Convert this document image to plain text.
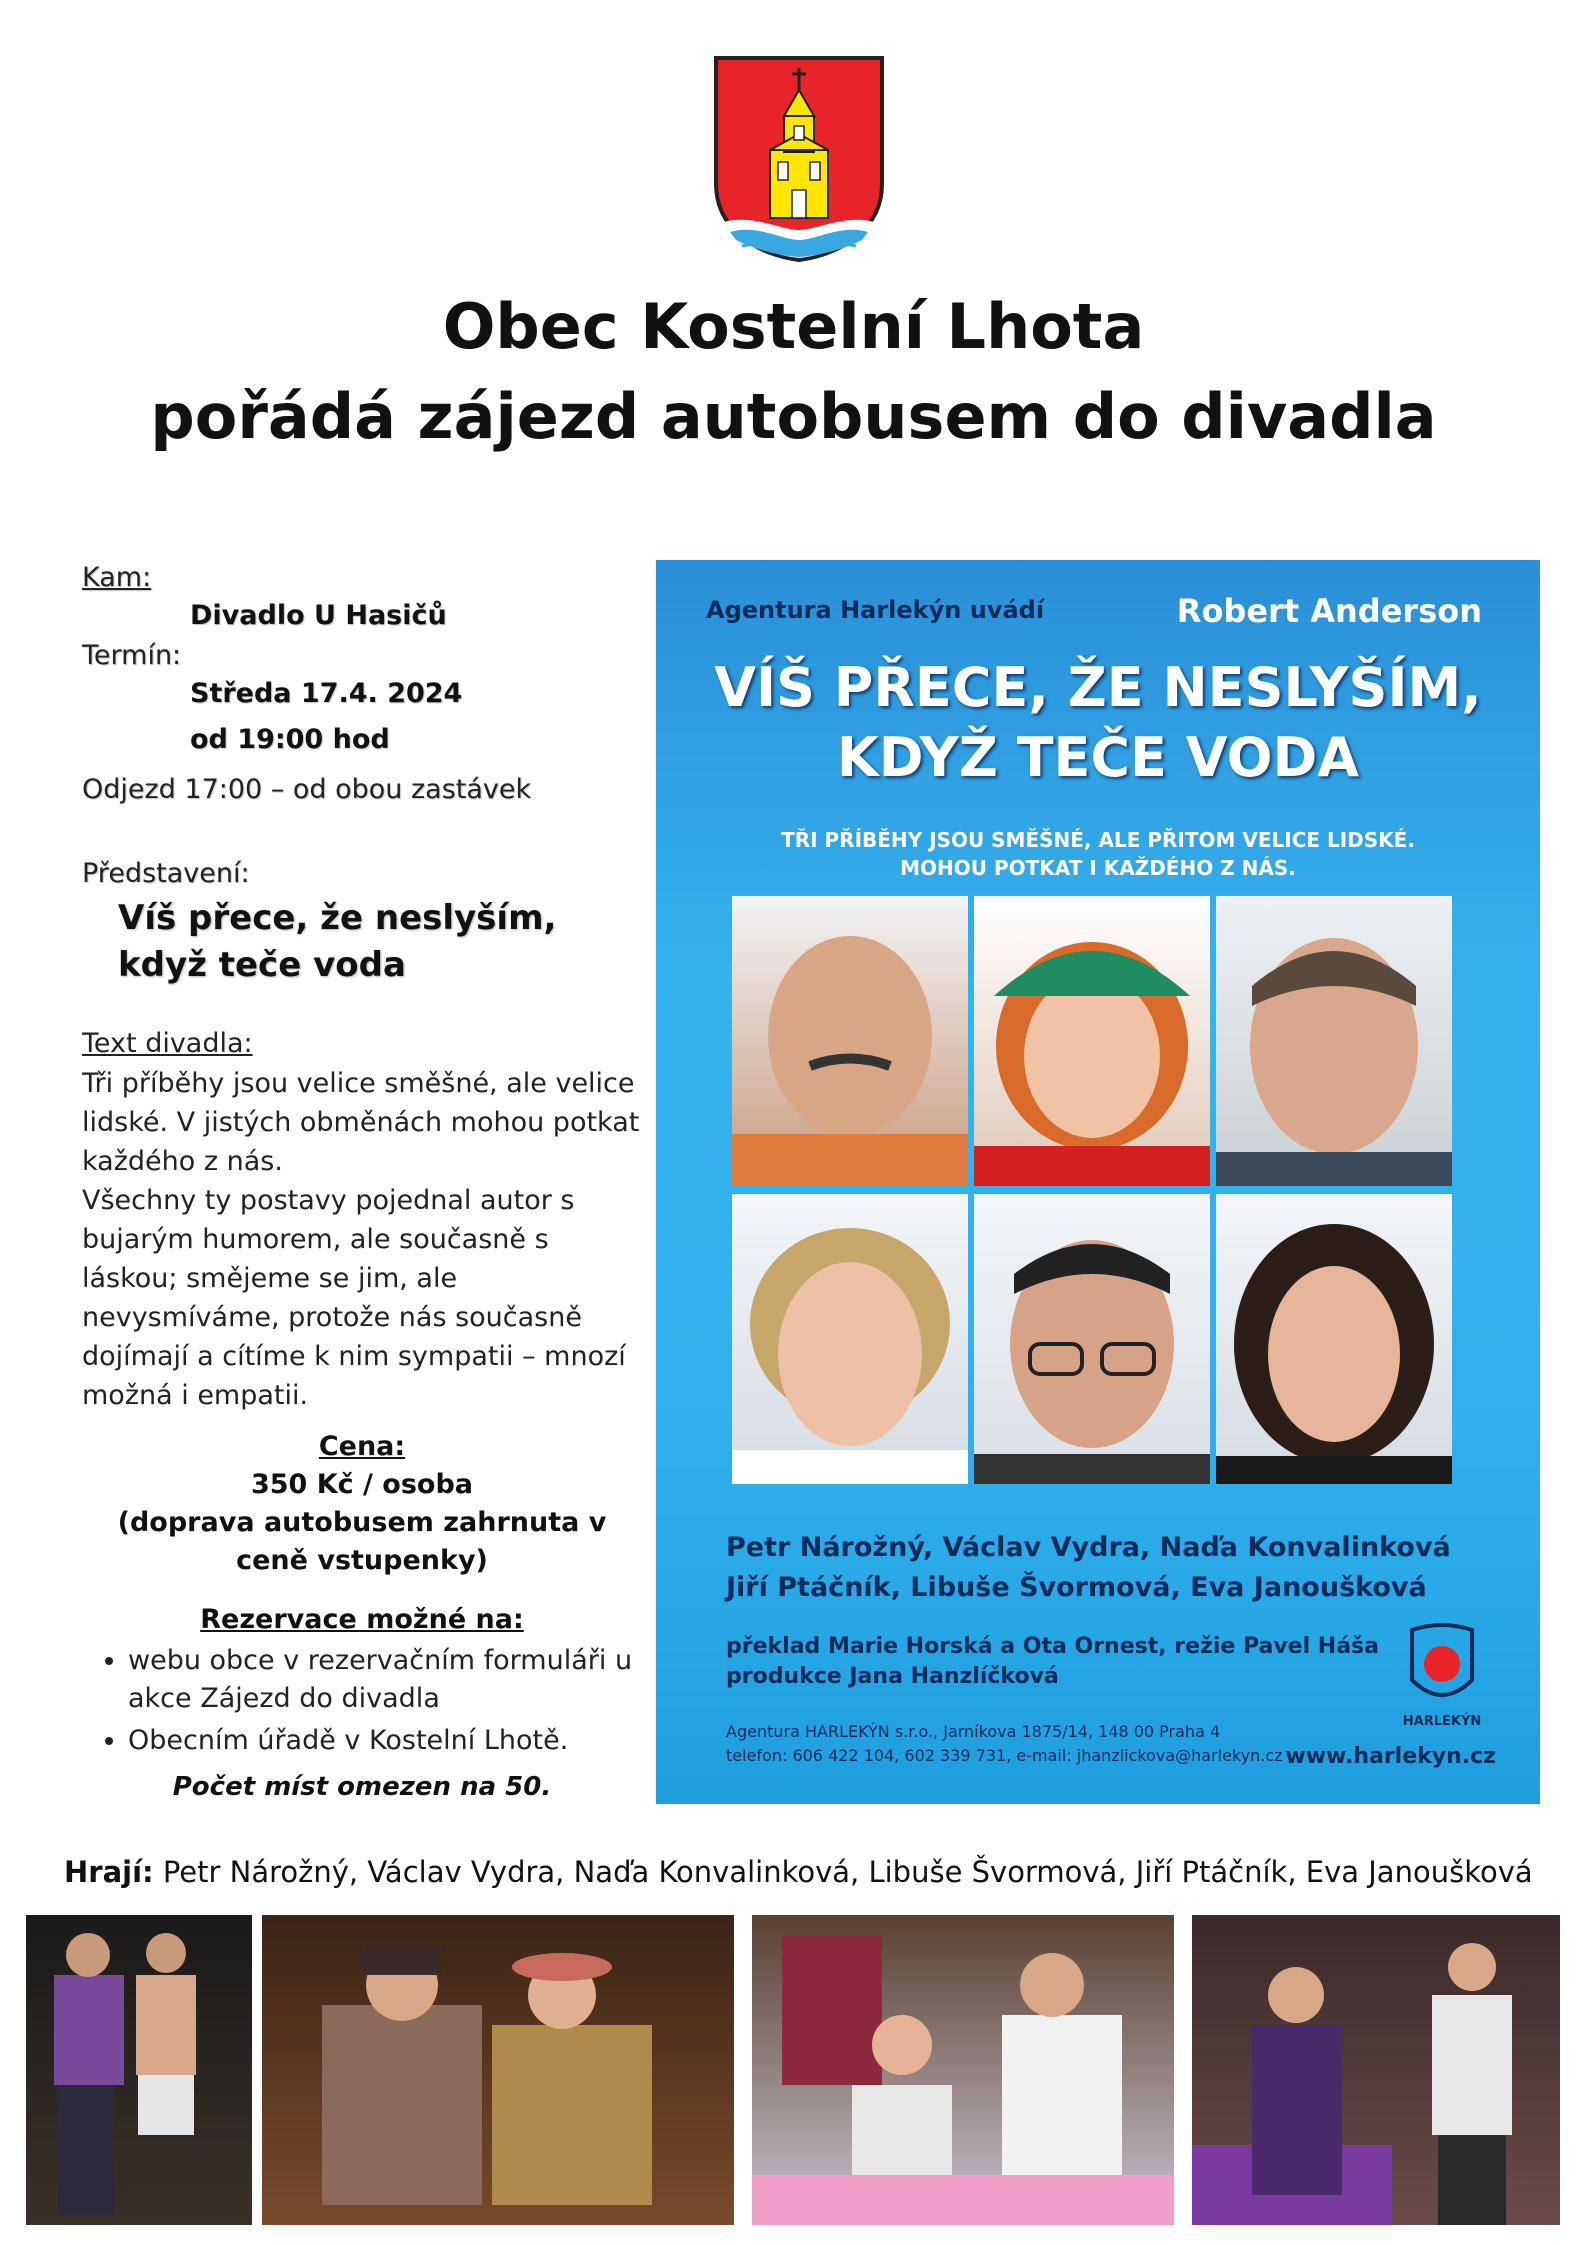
Obec Kostelní Lhota
pořádá zájezd autobusem do divadla
Kam:
Divadlo U Hasičů
Termín:
Středa 17.4. 2024
od 19:00 hod
Odjezd 17:00 – od obou zastávek
Představení:
Víš přece, že neslyším,
když teče voda
Text divadla:

Tři příběhy jsou velice směšné, ale velice lidské. V jistých obměnách mohou potkat každého z nás.

Všechny ty postavy pojednal autor s bujarým humorem, ale současně s láskou; smějeme se jim, ale nevysmíváme, protože nás současně dojímají a cítíme k nim sympatii – mnozí možná i empatii.

Cena:
350 Kč / osoba
(doprava autobusem zahrnuta v ceně vstupenky)
Rezervace možné na:
• webu obce v rezervačním formuláři u akce Zájezd do divadla
• Obecním úřadě v Kostelní Lhotě.
Počet míst omezen na 50.
Agentura Harlekýn uvádí	Robert Anderson
VÍŠ PŘECE, ŽE NESLYŠÍM,
KDYŽ TEČE VODA
TŘI PŘÍBĚHY JSOU SMĚŠNÉ, ALE PŘITOM VELICE LIDSKÉ.
MOHOU POTKAT I KAŽDÉHO Z NÁS.
Petr Nárožný, Václav Vydra, Naďa Konvalinková
Jiří Ptáčník, Libuše Švormová, Eva Janoušková
překlad Marie Horská a Ota Ornest, režie Pavel Háša
produkce Jana Hanzlíčková
Agentura HARLEKÝN s.r.o., Jarníkova 1875/14, 148 00 Praha 4
telefon: 606 422 104, 602 339 731, e-mail: jhanzlickova@harlekyn.cz www.harlekyn.cz
HARLEKÝN
Hrají: Petr Nárožný, Václav Vydra, Naďa Konvalinková, Libuše Švormová, Jiří Ptáčník, Eva Janoušková
